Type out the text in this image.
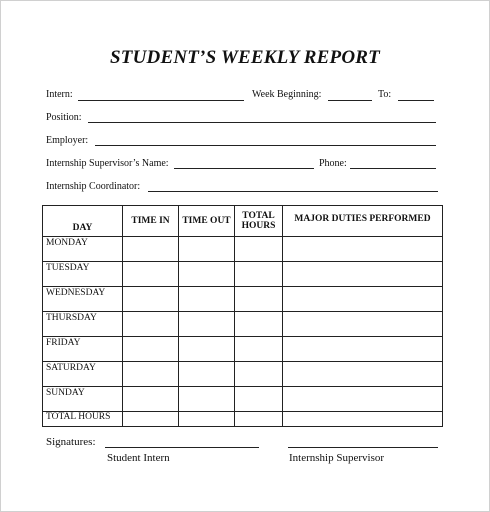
STUDENT’S WEEKLY REPORT
Intern:	Week Beginning:	To:
Position:
Employer:
Internship Supervisor’s Name:	Phone:
Internship Coordinator:
DAY	TIME IN	TIME OUT	TOTAL HOURS	MAJOR DUTIES PERFORMED
MONDAY				
TUESDAY				
WEDNESDAY				
THURSDAY				
FRIDAY				
SATURDAY				
SUNDAY				
TOTAL HOURS				
Signatures:
Student Intern	Internship Supervisor
